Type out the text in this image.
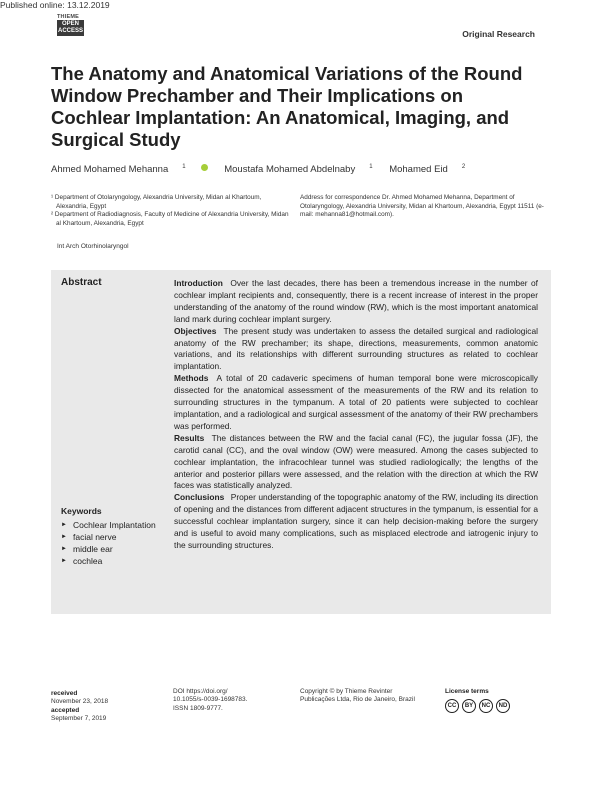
Published online: 13.12.2019
THIEME
OPEN
ACCESS	Original Research
The Anatomy and Anatomical Variations of the Round Window Prechamber and Their Implications on Cochlear Implantation: An Anatomical, Imaging, and Surgical Study
Ahmed Mohamed Mehanna $^1$	Moustafa Mohamed Abdelnaby $^1$ Mohamed Eid $^2$

¹ Department of Otolaryngology, Alexandria University, Midan al Khartoum, Alexandria, Egypt

² Department of Radiodiagnosis, Faculty of Medicine of Alexandria University, Midan al Khartoum, Alexandria, Egypt

Address for correspondence Dr. Ahmed Mohamed Mehanna, Department of Otolaryngology, Alexandria University, Midan al Khartoum, Alexandria, Egypt 11511 (e-mail: mehanna81@hotmail.com).
Int Arch Otorhinolaryngol
Abstract	Introduction Over the last decades, there has been a tremendous increase in the number of cochlear implant recipients and, consequently, there is a recent increase of interest in the proper understanding of the anatomy of the round window (RW), which is the most important anatomical land mark during cochlear implant surgery.

Objectives The present study was undertaken to assess the detailed surgical and radiological anatomy of the RW prechamber; its shape, directions, measurements, common anatomic variations, and its relationships with different surrounding structures as related to cochlear implantation.

Methods A total of 20 cadaveric specimens of human temporal bone were microscopically dissected for the anatomical assessment of the measurements of the RW and its relation to surrounding structures in the tympanum. A total of 20 patients were subjected to cochlear implantation, and a radiological and surgical assessment of the anatomy of their RW prechambers was performed.

Results The distances between the RW and the facial canal (FC), the jugular fossa (JF), the carotid canal (CC), and the oval window (OW) were measured. Among the cases subjected to cochlear implantation, the infracochlear tunnel was studied radiologically; the lengths of the anterior and posterior pillars were assessed, and the relation with the direction at which the RW faces was statistically analyzed.

Conclusions Proper understanding of the topographic anatomy of the RW, including its direction of opening and the distances from different adjacent structures in the tympanum, is essential for a successful cochlear implantation surgery, since it can help decision-making before the surgery and is useful to avoid many complications, such as misplaced electrode and iatrogenic injury to the surrounding structures.

Keywords
► Cochlear Implantation
► facial nerve
► middle ear
► cochlea
received
November 23, 2018
accepted
September 7, 2019
DOI https://doi.org/
10.1055/s-0039-1698783.
ISSN 1809-9777.
Copyright © by Thieme Revinter
Publicações Ltda, Rio de Janeiro, Brazil
License terms
CC	BY	NC	ND
